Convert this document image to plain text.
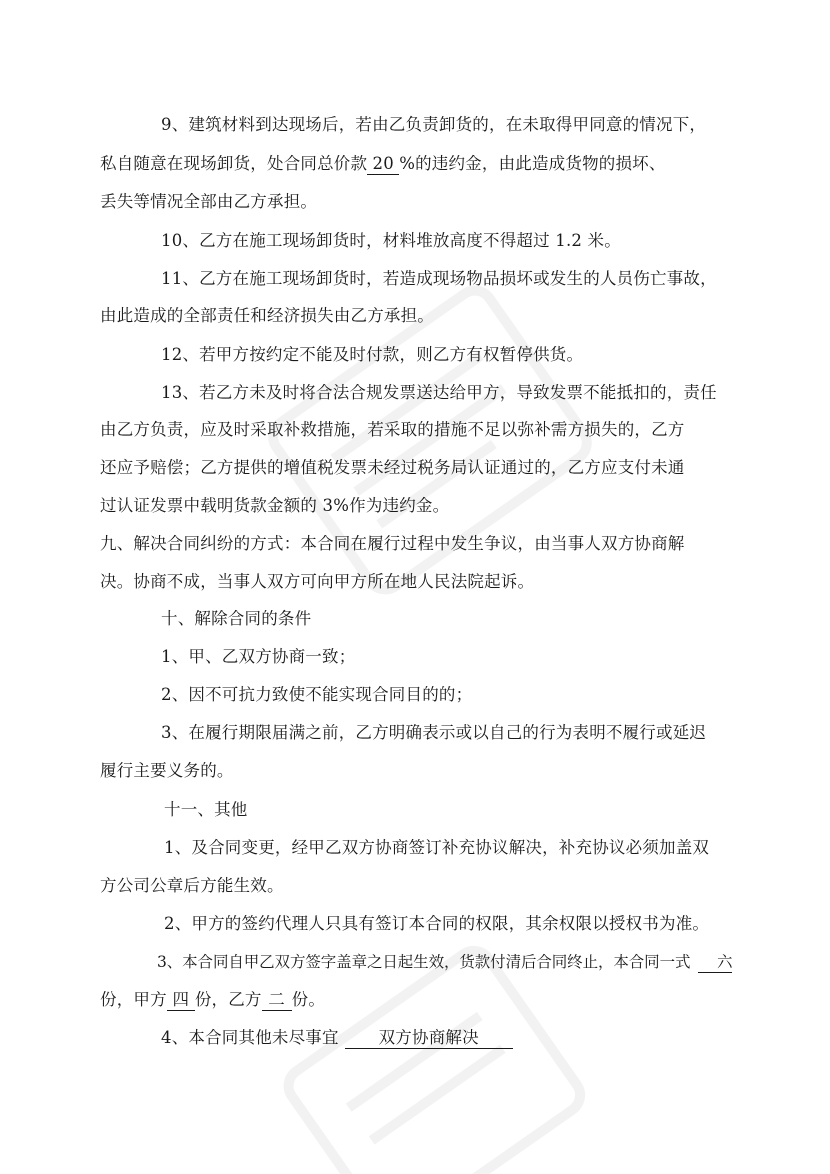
9、建筑材料到达现场后，若由乙负责卸货的，在未取得甲同意的情况下，
私自随意在现场卸货，处合同总价款 20 %的违约金，由此造成货物的损坏、
丢失等情况全部由乙方承担。
10、乙方在施工现场卸货时，材料堆放高度不得超过 1.2 米。
11、乙方在施工现场卸货时，若造成现场物品损坏或发生的人员伤亡事故，
由此造成的全部责任和经济损失由乙方承担。
12、若甲方按约定不能及时付款，则乙方有权暂停供货。
13、若乙方未及时将合法合规发票送达给甲方，导致发票不能抵扣的，责任
由乙方负责，应及时采取补救措施，若采取的措施不足以弥补需方损失的，乙方
还应予赔偿；乙方提供的增值税发票未经过税务局认证通过的，乙方应支付未通
过认证发票中载明货款金额的 3%作为违约金。
九、解决合同纠纷的方式：本合同在履行过程中发生争议，由当事人双方协商解
决。协商不成，当事人双方可向甲方所在地人民法院起诉。
十、解除合同的条件
1、甲、乙双方协商一致；
2、因不可抗力致使不能实现合同目的的；
3、在履行期限届满之前，乙方明确表示或以自己的行为表明不履行或延迟
履行主要义务的。
十一、其他
1、及合同变更，经甲乙双方协商签订补充协议解决，补充协议必须加盖双
方公司公章后方能生效。
2、甲方的签约代理人只具有签订本合同的权限，其余权限以授权书为准。
3、本合同自甲乙双方签字盖章之日起生效，货款付清后合同终止，本合同一式 六
份，甲方 四 份，乙方 二 份。
4、本合同其他未尽事宜 双方协商解决
